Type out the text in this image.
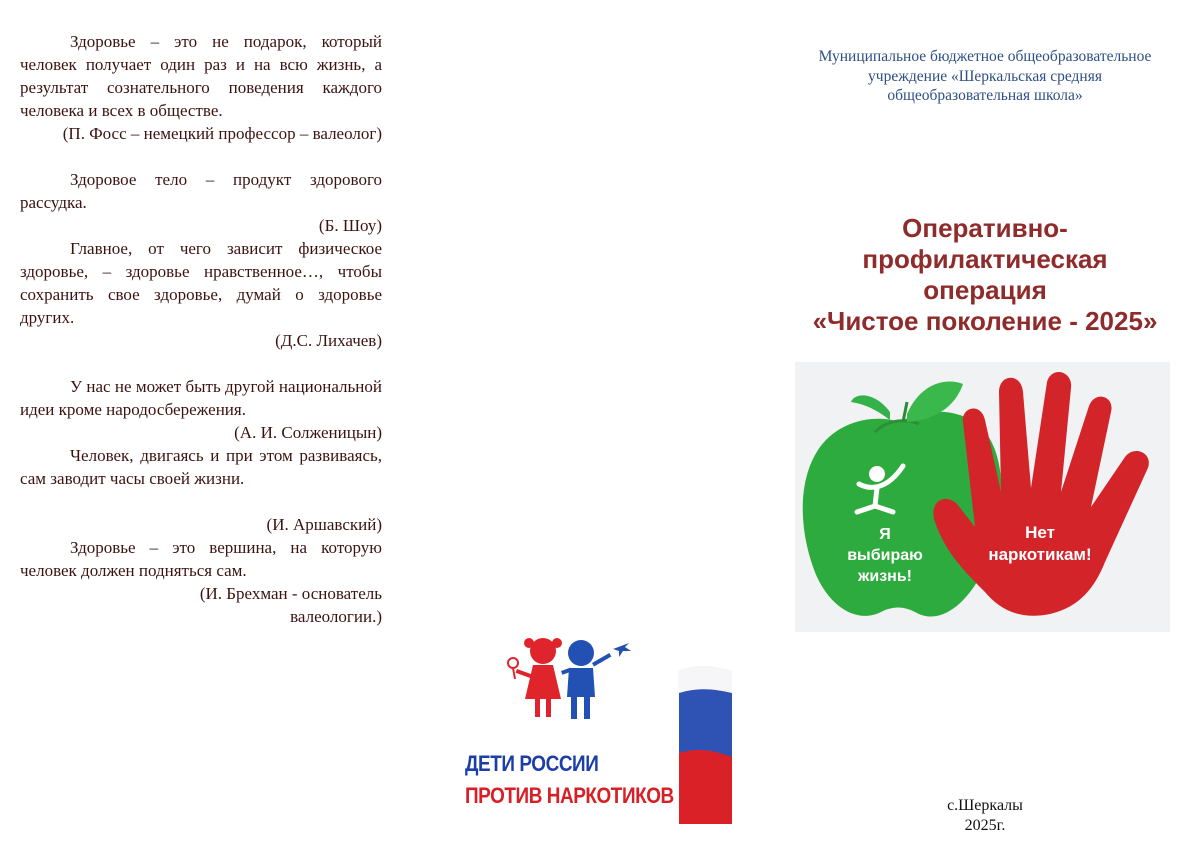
Здоровье – это не подарок, который человек получает один раз и на всю жизнь, а результат сознательного поведения каждого человека и всех в обществе.

(П. Фосс – немецкий профессор – валеолог)

Здоровое тело – продукт здорового рассудка.

(Б. Шоу)

Главное, от чего зависит физическое здоровье, – здоровье нравственное…, чтобы сохранить свое здоровье, думай о здоровье других.

(Д.С. Лихачев)

У нас не может быть другой национальной идеи кроме народосбережения.

(А. И. Солженицын)

Человек, двигаясь и при этом развиваясь, сам заводит часы своей жизни.

(И. Аршавский)

Здоровье – это вершина, на которую человек должен подняться сам.

(И. Брехман - основатель валеологии.)

ДЕТИ РОССИИ
ПРОТИВ НАРКОТИКОВ
Муниципальное бюджетное общеобразовательное
учреждение «Шеркальская средняя
общеобразовательная школа»
Оперативно-
профилактическая
операция
«Чистое поколение - 2025»
Я
выбираю
жизнь!
Нет
наркотикам!
с.Шеркалы
2025г.
